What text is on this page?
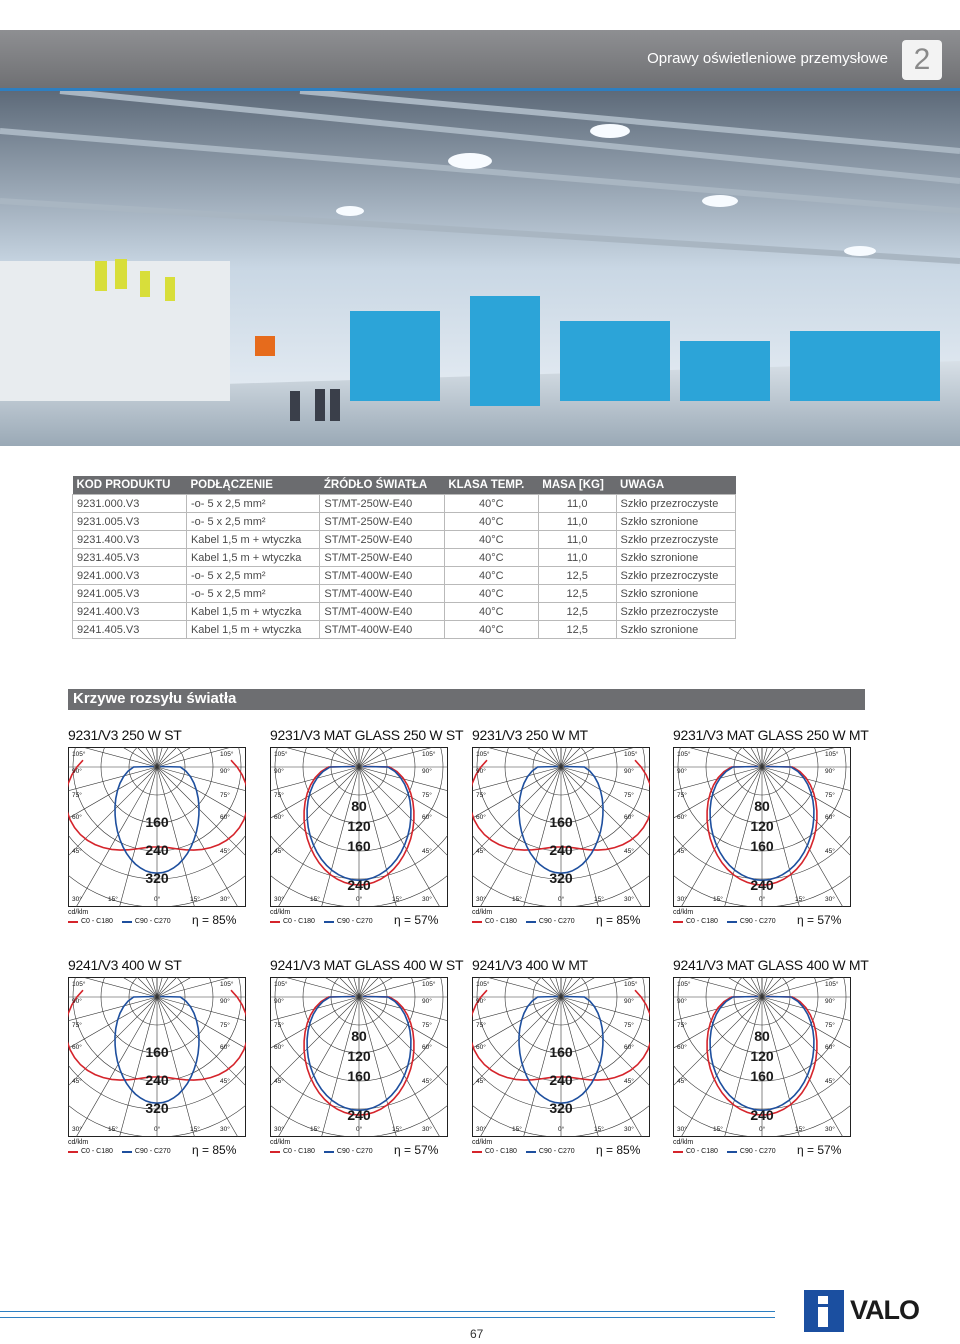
Oprawy oświetleniowe przemysłowe 2
KOD PRODUKTU	PODŁĄCZENIE	ŹRÓDŁO ŚWIATŁA	KLASA TEMP.	MASA [KG]	UWAGA
9231.000.V3	-o- 5 x 2,5 mm²	ST/MT-250W-E40	40°C	11,0	Szkło przezroczyste
9231.005.V3	-o- 5 x 2,5 mm²	ST/MT-250W-E40	40°C	11,0	Szkło szronione
9231.400.V3	Kabel 1,5 m + wtyczka	ST/MT-250W-E40	40°C	11,0	Szkło przezroczyste
9231.405.V3	Kabel 1,5 m + wtyczka	ST/MT-250W-E40	40°C	11,0	Szkło szronione
9241.000.V3	-o- 5 x 2,5 mm²	ST/MT-400W-E40	40°C	12,5	Szkło przezroczyste
9241.005.V3	-o- 5 x 2,5 mm²	ST/MT-400W-E40	40°C	12,5	Szkło szronione
9241.400.V3	Kabel 1,5 m + wtyczka	ST/MT-400W-E40	40°C	12,5	Szkło przezroczyste
9241.405.V3	Kabel 1,5 m + wtyczka	ST/MT-400W-E40	40°C	12,5	Szkło szronione
Krzywe rozsyłu światła
9231/V3 250 W ST
105°
90°
75°
60°
45°
30°	15°	0°	15°	30°
45°
60°
75°
90°
105°
160
240
320
cd/klm
C0 - C180	C90 - C270 η = 85%
9231/V3 MAT GLASS 250 W ST
105°
90°
75°
60°
45°
30°	15°	0°	15°	30°
45°
60°
75°
90°
105°
80
120
160
240
cd/klm
C0 - C180	C90 - C270 η = 57%
9231/V3 250 W MT
105°
90°
75°
60°
45°
30°	15°	0°	15°	30°
45°
60°
75°
90°
105°
160
240
320
cd/klm
C0 - C180	C90 - C270 η = 85%
9231/V3 MAT GLASS 250 W MT
105°
90°
75°
60°
45°
30°	15°	0°	15°	30°
45°
60°
75°
90°
105°
80
120
160
240
cd/klm
C0 - C180	C90 - C270 η = 57%
9241/V3 400 W ST
105°
90°
75°
60°
45°
30°	15°	0°	15°	30°
45°
60°
75°
90°
105°
160
240
320
cd/klm
C0 - C180	C90 - C270 η = 85%
9241/V3 MAT GLASS 400 W ST
105°
90°
75°
60°
45°
30°	15°	0°	15°	30°
45°
60°
75°
90°
105°
80
120
160
240
cd/klm
C0 - C180	C90 - C270 η = 57%
9241/V3 400 W MT
105°
90°
75°
60°
45°
30°	15°	0°	15°	30°
45°
60°
75°
90°
105°
160
240
320
cd/klm
C0 - C180	C90 - C270 η = 85%
9241/V3 MAT GLASS 400 W MT
105°
90°
75°
60°
45°
30°	15°	0°	15°	30°
45°
60°
75°
90°
105°
80
120
160
240
cd/klm
C0 - C180	C90 - C270 η = 57%
67
VALO
